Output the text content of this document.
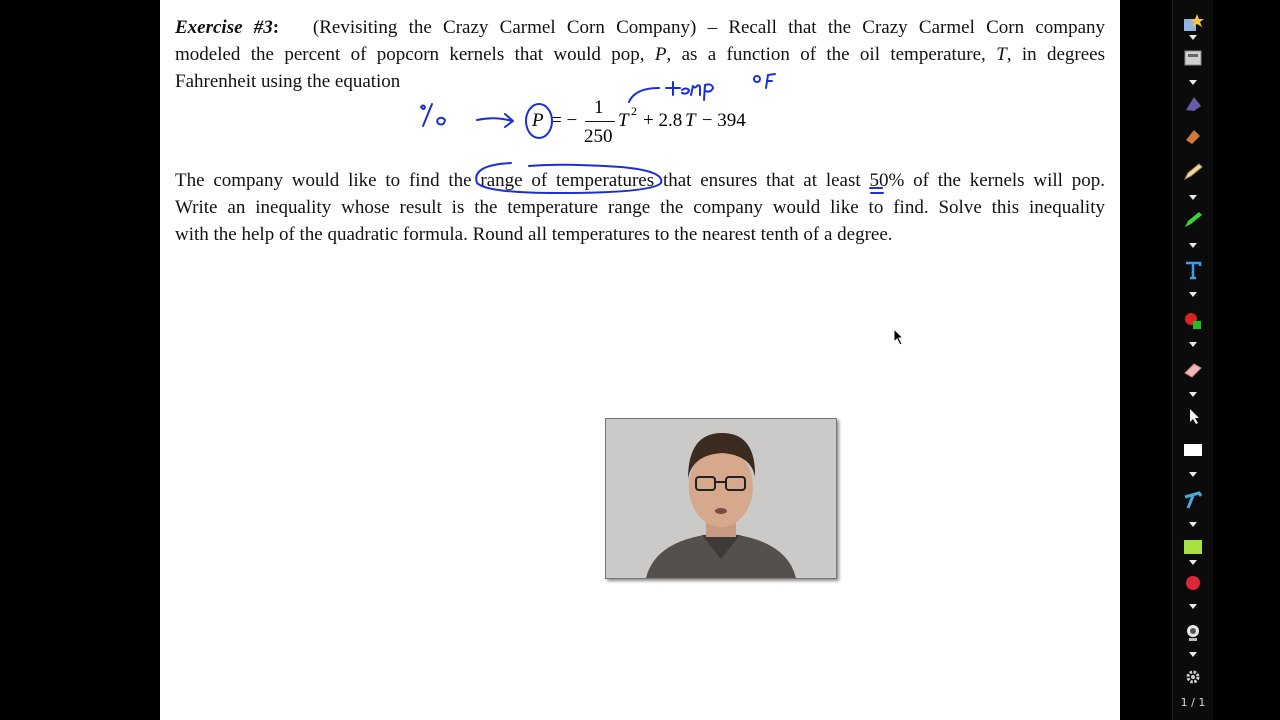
Exercise #3: (Revisiting the Crazy Carmel Corn Company) – Recall that the Crazy Carmel Corn company
modeled the percent of popcorn kernels that would pop, P, as a function of the oil temperature, T, in degrees
Fahrenheit using the equation
P = −
1
250
T 2 + 2.8 T − 394
The company would like to find the range of temperatures that ensures that at least 50% of the kernels will pop.
Write an inequality whose result is the temperature range the company would like to find. Solve this inequality
with the help of the quadratic formula. Round all temperatures to the nearest tenth of a degree.
1 / 1
